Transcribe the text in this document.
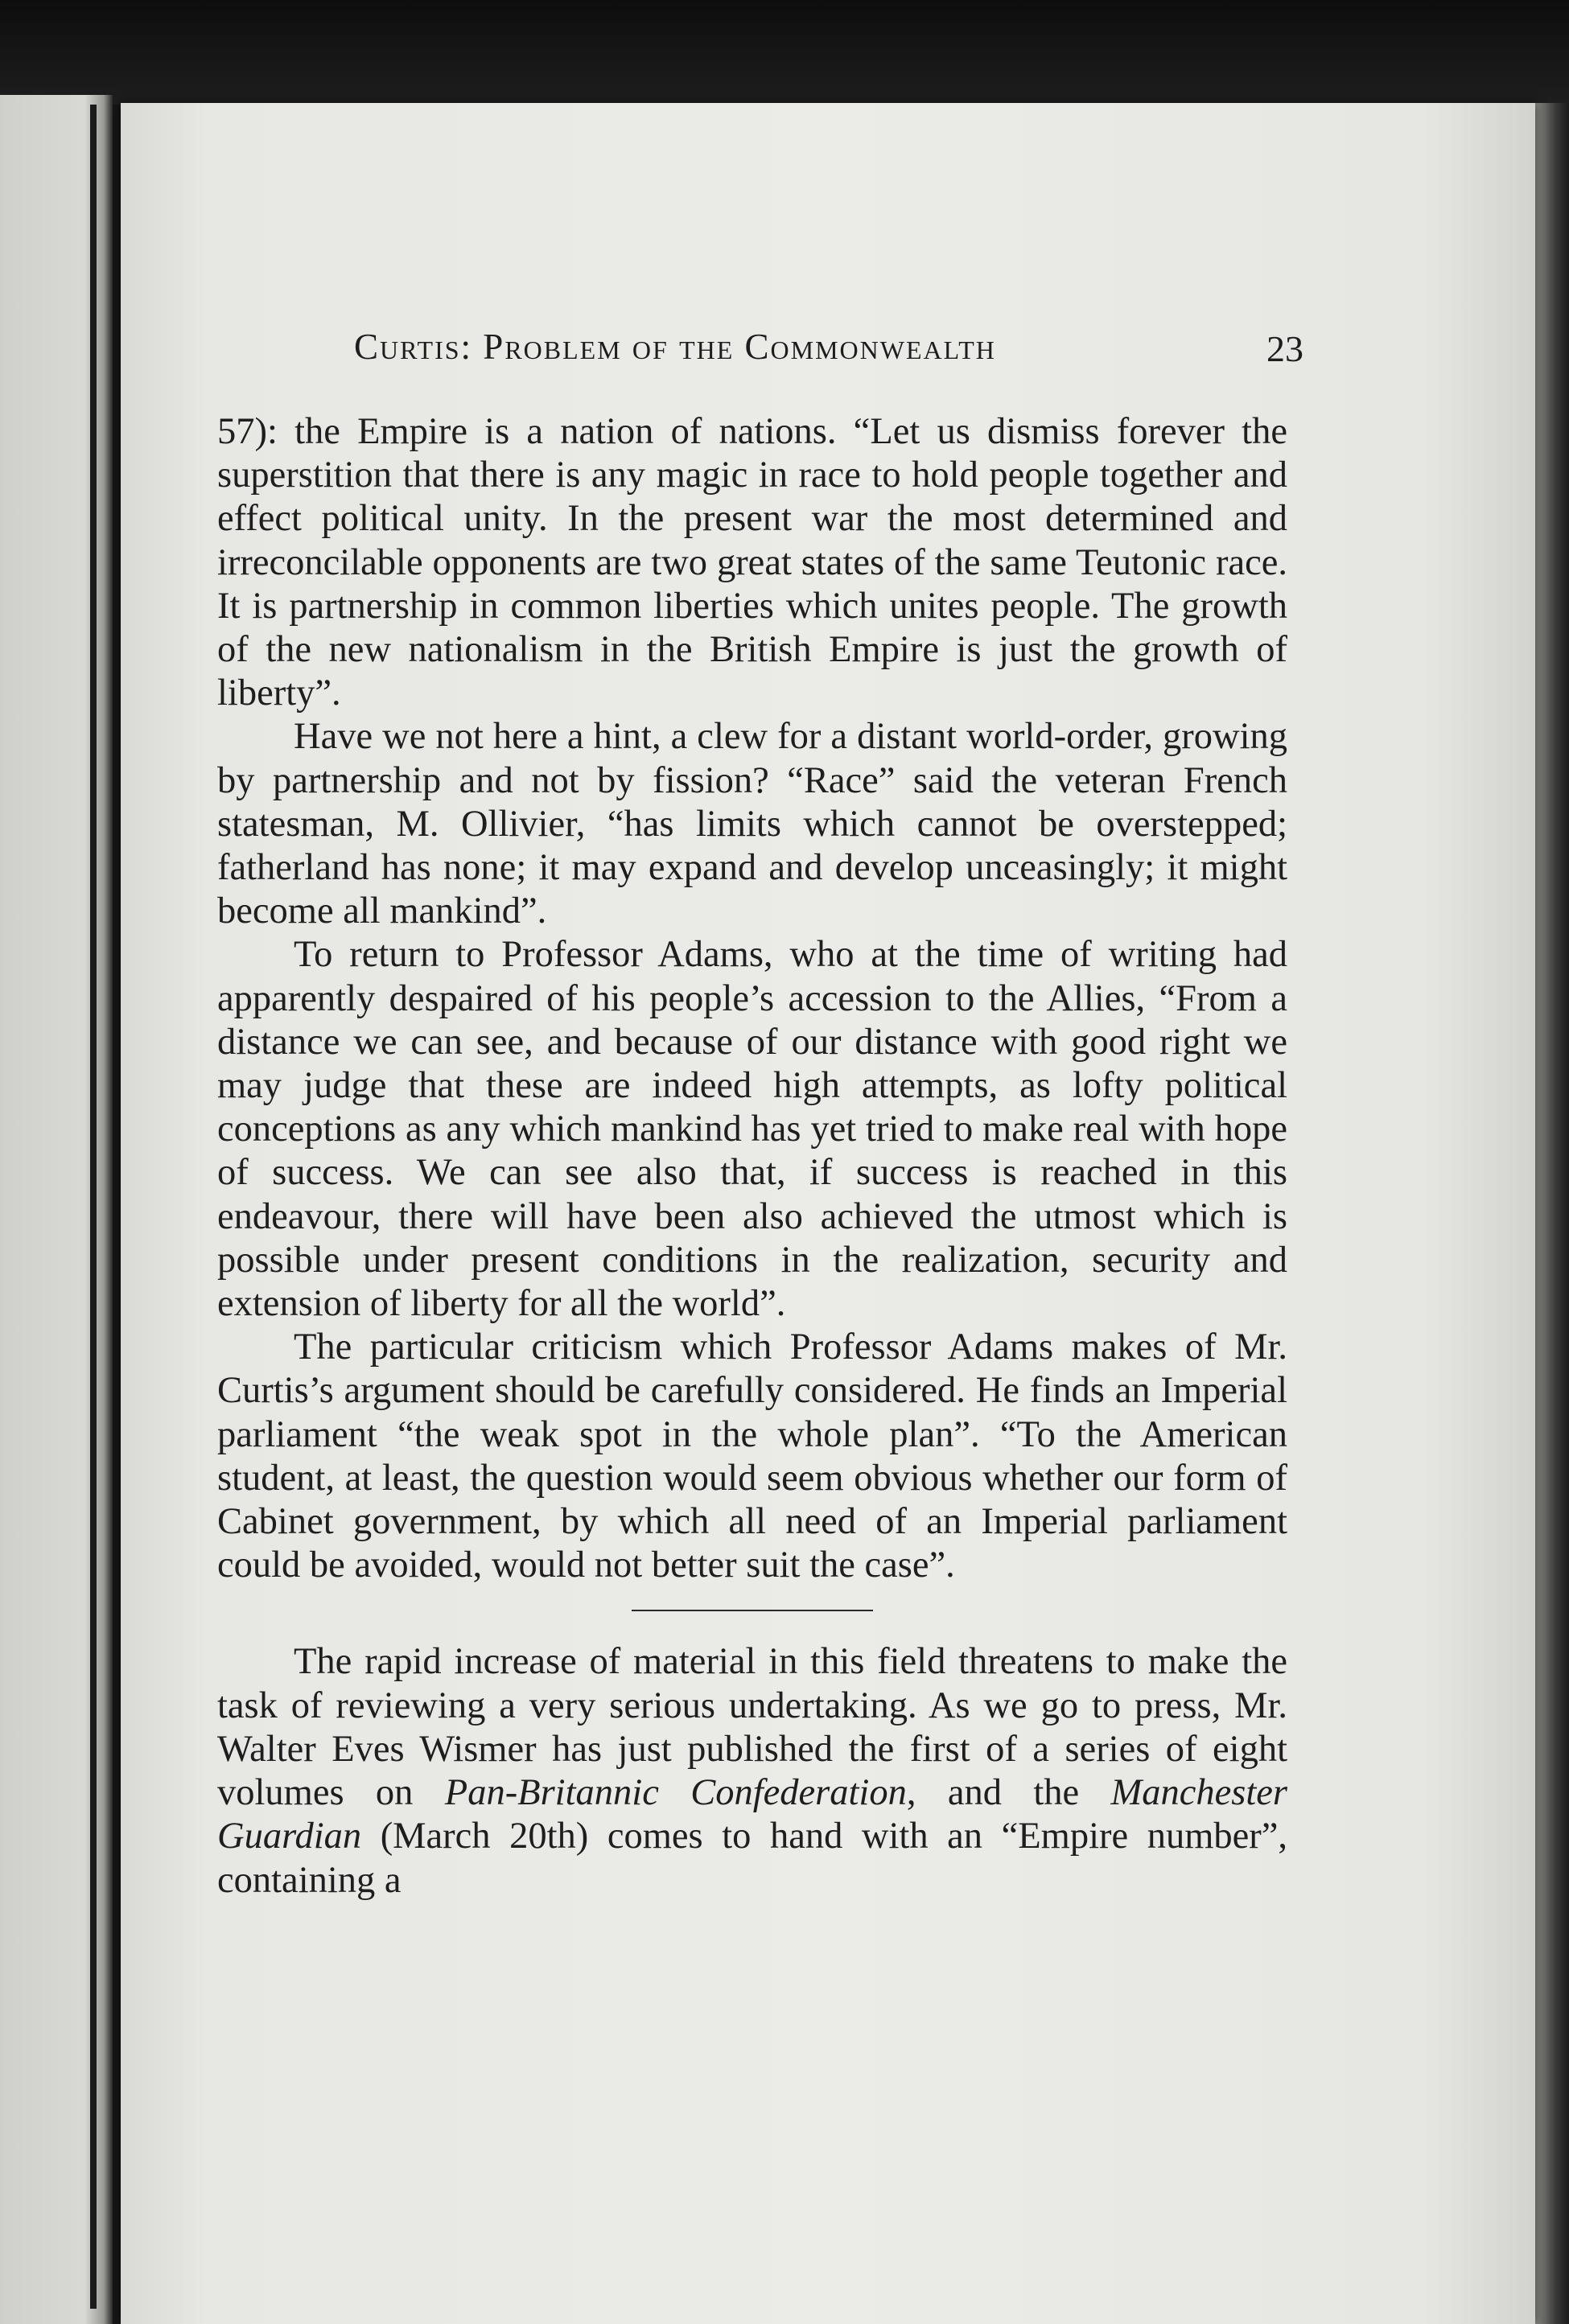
Curtis: Problem of the Commonwealth	23

57): the Empire is a nation of nations. “Let us dismiss forever the superstition that there is any magic in race to hold people together and effect political unity. In the present war the most determined and irreconcilable opponents are two great states of the same Teutonic race. It is partnership in common liberties which unites people. The growth of the new nationalism in the British Empire is just the growth of liberty”.

Have we not here a hint, a clew for a distant world-order, growing by partnership and not by fission? “Race” said the veteran French statesman, M. Ollivier, “has limits which cannot be overstepped; fatherland has none; it may expand and develop unceasingly; it might become all mankind”.

To return to Professor Adams, who at the time of writing had apparently despaired of his people’s accession to the Allies, “From a distance we can see, and because of our distance with good right we may judge that these are indeed high attempts, as lofty political conceptions as any which mankind has yet tried to make real with hope of success. We can see also that, if success is reached in this endeavour, there will have been also achieved the utmost which is possible under present conditions in the realization, security and extension of liberty for all the world”.

The particular criticism which Professor Adams makes of Mr. Curtis’s argument should be carefully considered. He finds an Imperial parliament “the weak spot in the whole plan”. “To the American student, at least, the question would seem obvious whether our form of Cabinet government, by which all need of an Imperial parliament could be avoided, would not better suit the case”.

The rapid increase of material in this field threatens to make the task of reviewing a very serious undertaking. As we go to press, Mr. Walter Eves Wismer has just published the first of a series of eight volumes on Pan-Britannic Confederation, and the Manchester Guardian (March 20th) comes to hand with an “Empire number”, containing a
